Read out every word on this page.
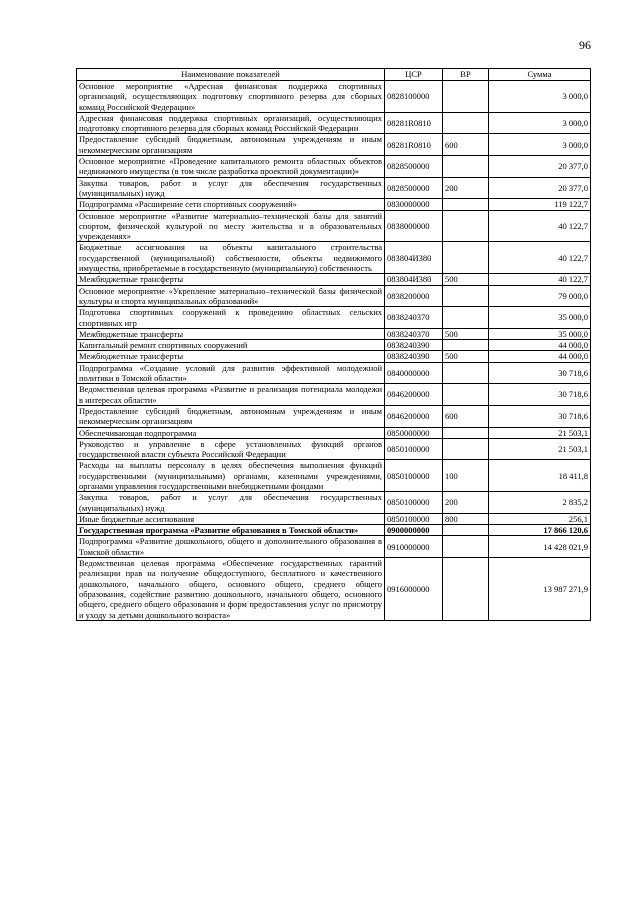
96
Наименование показателей	ЦСР	ВР	Сумма
Основное мероприятие «Адресная финансовая поддержка спортивных организаций, осуществляющих подготовку спортивного резерва для сборных команд Российской Федерации»	0828100000		3 000,0
Адресная финансовая поддержка спортивных организаций, осуществляющих подготовку спортивного резерва для сборных команд Российской Федерации	08281R0810		3 000,0
Предоставление субсидий бюджетным, автономным учреждениям и иным некоммерческим организациям	08281R0810	600	3 000,0
Основное мероприятие «Проведение капитального ремонта областных объектов недвижимого имущества (в том числе разработка проектной документации)»	0828500000		20 377,0
Закупка товаров, работ и услуг для обеспечения государственных (муниципальных) нужд	0828500000	200	20 377,0
Подпрограмма «Расширение сети спортивных сооружений»	0830000000		119 122,7
Основное мероприятие «Развитие материально–технической базы для занятий спортом, физической культурой по месту жительства и в образовательных учреждениях»	0838000000		40 122,7
Бюджетные ассигнования на объекты капитального строительства государственной (муниципальной) собственности, объекты недвижимого имущества, приобретаемые в государственную (муниципальную) собственность	083804И380		40 122,7
Межбюджетные трансферты	083804И380	500	40 122,7
Основное мероприятие «Укрепление материально–технической базы физической культуры и спорта муниципальных образований»	0838200000		79 000,0
Подготовка спортивных сооружений к проведению областных сельских спортивных игр	0838240370		35 000,0
Межбюджетные трансферты	0838240370	500	35 000,0
Капитальный ремонт спортивных сооружений	0838240390		44 000,0
Межбюджетные трансферты	0838240390	500	44 000,0
Подпрограмма «Создание условий для развития эффективной молодежной политики в Томской области»	0840000000		30 718,6
Ведомственная целевая программа «Развитие и реализация потенциала молодежи в интересах области»	0846200000		30 718,6
Предоставление субсидий бюджетным, автономным учреждениям и иным некоммерческим организациям	0846200000	600	30 718,6
Обеспечивающая подпрограмма	0850000000		21 503,1
Руководство и управление в сфере установленных функций органов государственной власти субъекта Российской Федерации	0850100000		21 503,1
Расходы на выплаты персоналу в целях обеспечения выполнения функций государственными (муниципальными) органами, казенными учреждениями, органами управления государственными внебюджетными фондами	0850100000	100	18 411,8
Закупка товаров, работ и услуг для обеспечения государственных (муниципальных) нужд	0850100000	200	2 835,2
Иные бюджетные ассигнования	0850100000	800	256,1
Государственная программа «Развитие образования в Томской области»	0900000000		17 866 120,6
Подпрограмма «Развитие дошкольного, общего и дополнительного образования в Томской области»	0910000000		14 428 021,9
Ведомственная целевая программа «Обеспечение государственных гарантий реализации прав на получение общедоступного, бесплатного и качественного дошкольного, начального общего, основного общего, среднего общего образования, содействие развитию дошкольного, начального общего, основного общего, среднего общего образования и форм предоставления услуг по присмотру и уходу за детьми дошкольного возраста»	0916000000		13 987 271,9
